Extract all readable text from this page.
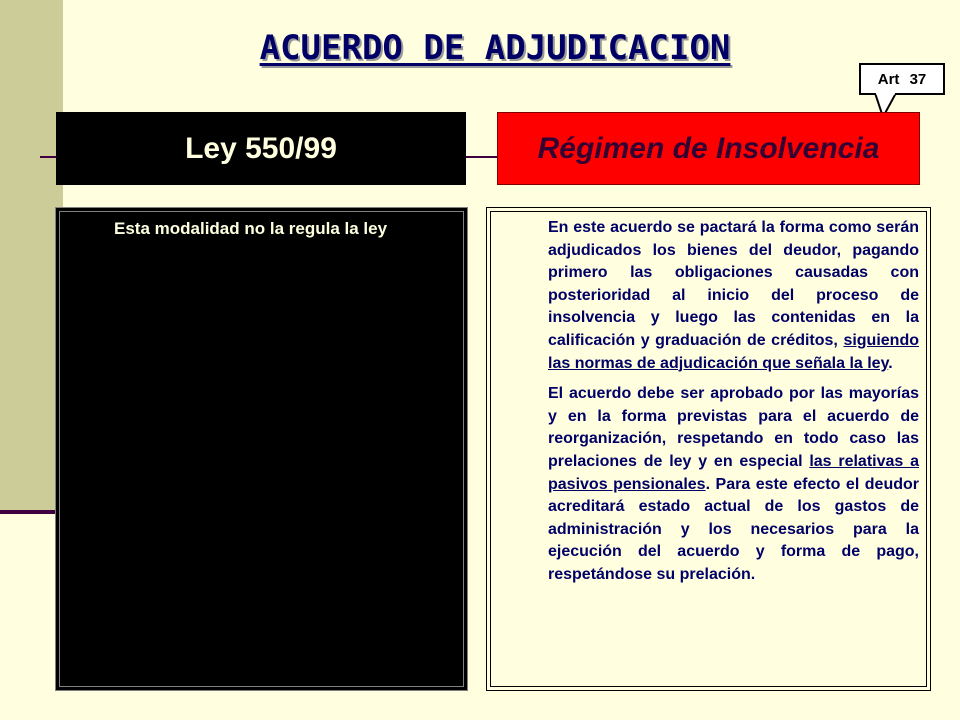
ACUERDO DE ADJUDICACION
Art 37
Ley 550/99	Régimen de Insolvencia

Esta modalidad no la regula la ley	En este acuerdo se pactará la forma como serán adjudicados los bienes del deudor, pagando primero las obligaciones causadas con posterioridad al inicio del proceso de insolvencia y luego las contenidas en la calificación y graduación de créditos, siguiendo las normas de adjudicación que señala la ley.

El acuerdo debe ser aprobado por las mayorías y en la forma previstas para el acuerdo de reorganización, respetando en todo caso las prelaciones de ley y en especial las relativas a pasivos pensionales. Para este efecto el deudor acreditará estado actual de los gastos de administración y los necesarios para la ejecución del acuerdo y forma de pago, respetándose su prelación.
